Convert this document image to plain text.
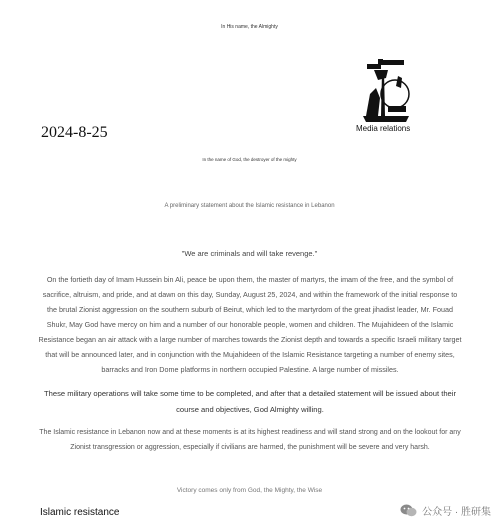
In His name, the Almighty
2024-8-25	Media relations
In the name of God, the destroyer of the mighty
A preliminary statement about the Islamic resistance in Lebanon
"We are criminals and will take revenge."
On the fortieth day of Imam Hussein bin Ali, peace be upon them, the master of martyrs, the imam of the free, and the symbol of sacrifice, altruism, and pride, and at dawn on this day, Sunday, August 25, 2024, and within the framework of the initial response to the brutal Zionist aggression on the southern suburb of Beirut, which led to the martyrdom of the great jihadist leader, Mr. Fouad Shukr, May God have mercy on him and a number of our honorable people, women and children. The Mujahideen of the Islamic Resistance began an air attack with a large number of marches towards the Zionist depth and towards a specific Israeli military target that will be announced later, and in conjunction with the Mujahideen of the Islamic Resistance targeting a number of enemy sites, barracks and Iron Dome platforms in northern occupied Palestine. A large number of missiles.
These military operations will take some time to be completed, and after that a detailed statement will be issued about their course and objectives, God Almighty willing.
The Islamic resistance in Lebanon now and at these moments is at its highest readiness and will stand strong and on the lookout for any Zionist transgression or aggression, especially if civilians are harmed, the punishment will be severe and very harsh.
Victory comes only from God, the Mighty, the Wise
Islamic resistance	公众号 · 胜研集
